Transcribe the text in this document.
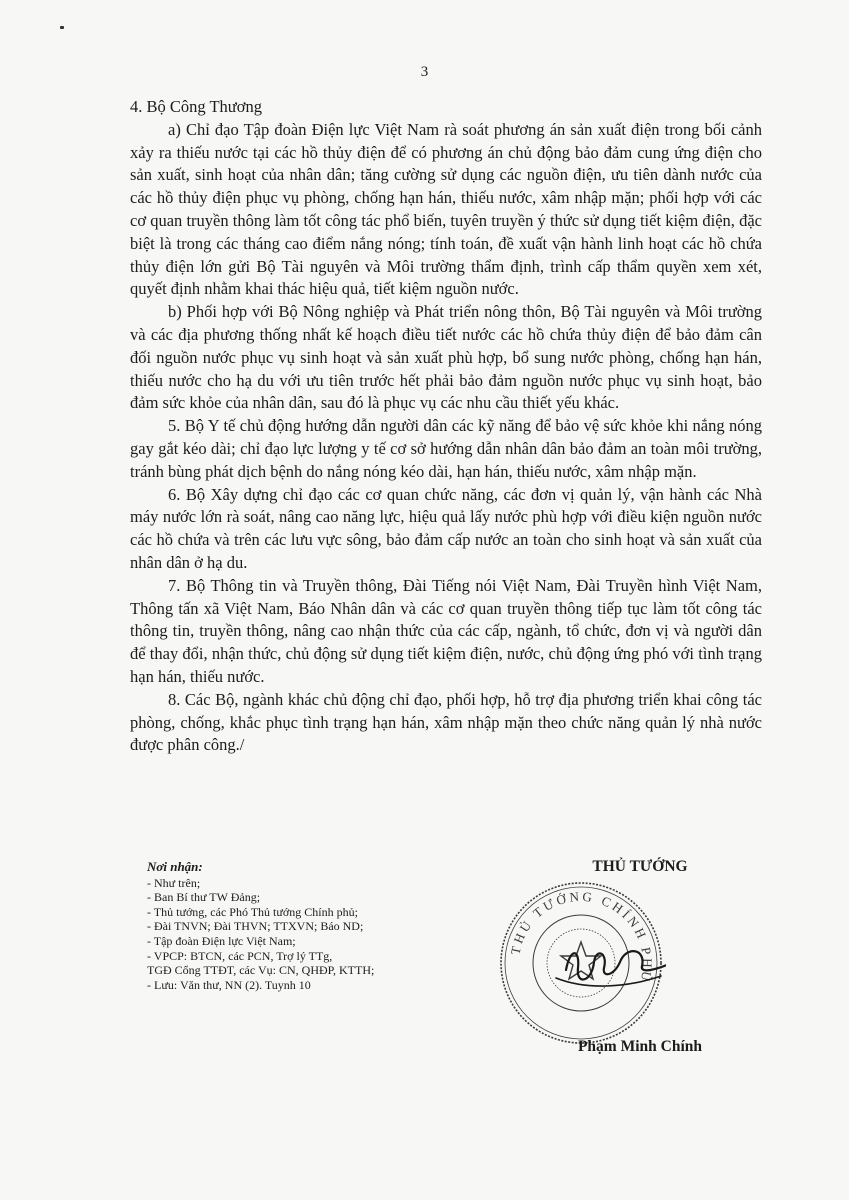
3

4. Bộ Công Thương

a) Chỉ đạo Tập đoàn Điện lực Việt Nam rà soát phương án sản xuất điện trong bối cảnh xảy ra thiếu nước tại các hồ thủy điện để có phương án chủ động bảo đảm cung ứng điện cho sản xuất, sinh hoạt của nhân dân; tăng cường sử dụng các nguồn điện, ưu tiên dành nước của các hồ thủy điện phục vụ phòng, chống hạn hán, thiếu nước, xâm nhập mặn; phối hợp với các cơ quan truyền thông làm tốt công tác phổ biến, tuyên truyền ý thức sử dụng tiết kiệm điện, đặc biệt là trong các tháng cao điểm nắng nóng; tính toán, đề xuất vận hành linh hoạt các hồ chứa thủy điện lớn gửi Bộ Tài nguyên và Môi trường thẩm định, trình cấp thẩm quyền xem xét, quyết định nhằm khai thác hiệu quả, tiết kiệm nguồn nước.

b) Phối hợp với Bộ Nông nghiệp và Phát triển nông thôn, Bộ Tài nguyên và Môi trường và các địa phương thống nhất kế hoạch điều tiết nước các hồ chứa thủy điện để bảo đảm cân đối nguồn nước phục vụ sinh hoạt và sản xuất phù hợp, bổ sung nước phòng, chống hạn hán, thiếu nước cho hạ du với ưu tiên trước hết phải bảo đảm nguồn nước phục vụ sinh hoạt, bảo đảm sức khỏe của nhân dân, sau đó là phục vụ các nhu cầu thiết yếu khác.

5. Bộ Y tế chủ động hướng dẫn người dân các kỹ năng để bảo vệ sức khỏe khi nắng nóng gay gắt kéo dài; chỉ đạo lực lượng y tế cơ sở hướng dẫn nhân dân bảo đảm an toàn môi trường, tránh bùng phát dịch bệnh do nắng nóng kéo dài, hạn hán, thiếu nước, xâm nhập mặn.

6. Bộ Xây dựng chỉ đạo các cơ quan chức năng, các đơn vị quản lý, vận hành các Nhà máy nước lớn rà soát, nâng cao năng lực, hiệu quả lấy nước phù hợp với điều kiện nguồn nước các hồ chứa và trên các lưu vực sông, bảo đảm cấp nước an toàn cho sinh hoạt và sản xuất của nhân dân ở hạ du.

7. Bộ Thông tin và Truyền thông, Đài Tiếng nói Việt Nam, Đài Truyền hình Việt Nam, Thông tấn xã Việt Nam, Báo Nhân dân và các cơ quan truyền thông tiếp tục làm tốt công tác thông tin, truyền thông, nâng cao nhận thức của các cấp, ngành, tổ chức, đơn vị và người dân để thay đổi, nhận thức, chủ động sử dụng tiết kiệm điện, nước, chủ động ứng phó với tình trạng hạn hán, thiếu nước.

8. Các Bộ, ngành khác chủ động chỉ đạo, phối hợp, hỗ trợ địa phương triển khai công tác phòng, chống, khắc phục tình trạng hạn hán, xâm nhập mặn theo chức năng quản lý nhà nước được phân công./

Nơi nhận:
- Như trên;
- Ban Bí thư TW Đảng;
- Thủ tướng, các Phó Thủ tướng Chính phủ;
- Đài TNVN; Đài THVN; TTXVN; Báo ND;
- Tập đoàn Điện lực Việt Nam;
- VPCP: BTCN, các PCN, Trợ lý TTg,
TGĐ Cổng TTĐT, các Vụ: CN, QHĐP, KTTH;
- Lưu: Văn thư, NN (2). Tuynh 10
THỦ TƯỚNG
THỦ TƯỚNG CHÍNH PHỦ
Phạm Minh Chính
